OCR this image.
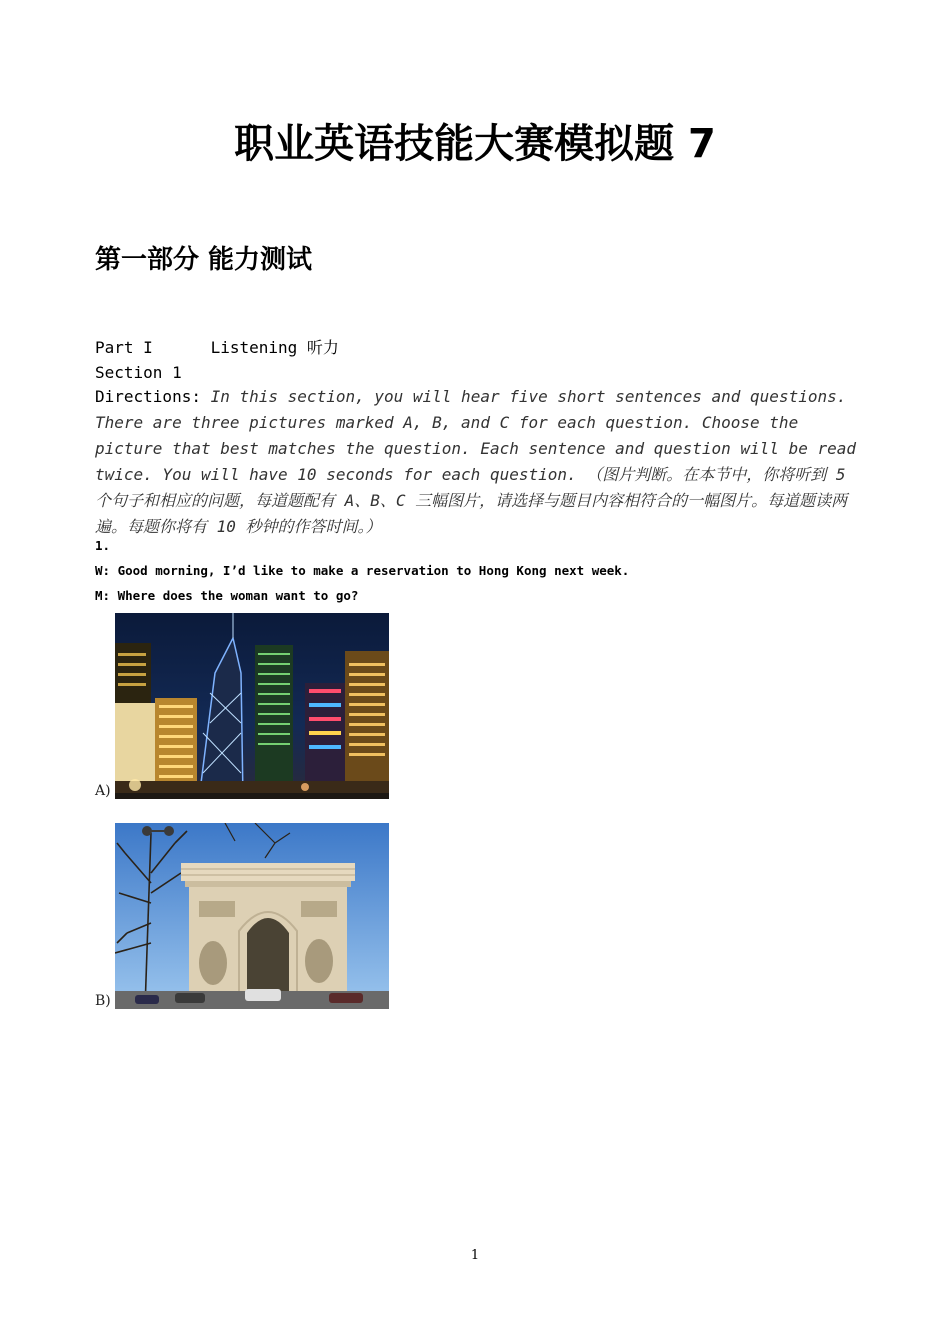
职业英语技能大赛模拟题 7
第一部分 能力测试
Part I	Listening 听力
Section 1
Directions: In this section, you will hear five short sentences and questions. There are three pictures marked A, B, and C for each question. Choose the picture that best matches the question. Each sentence and question will be read twice. You will have 10 seconds for each question. （图片判断。在本节中，你将听到 5 个句子和相应的问题，每道题配有 A、B、C 三幅图片，请选择与题目内容相符合的一幅图片。每道题读两遍。每题你将有 10 秒钟的作答时间。）
1.
W: Good morning, I’d like to make a reservation to Hong Kong next week.
M: Where does the woman want to go?
A)
B)
1
